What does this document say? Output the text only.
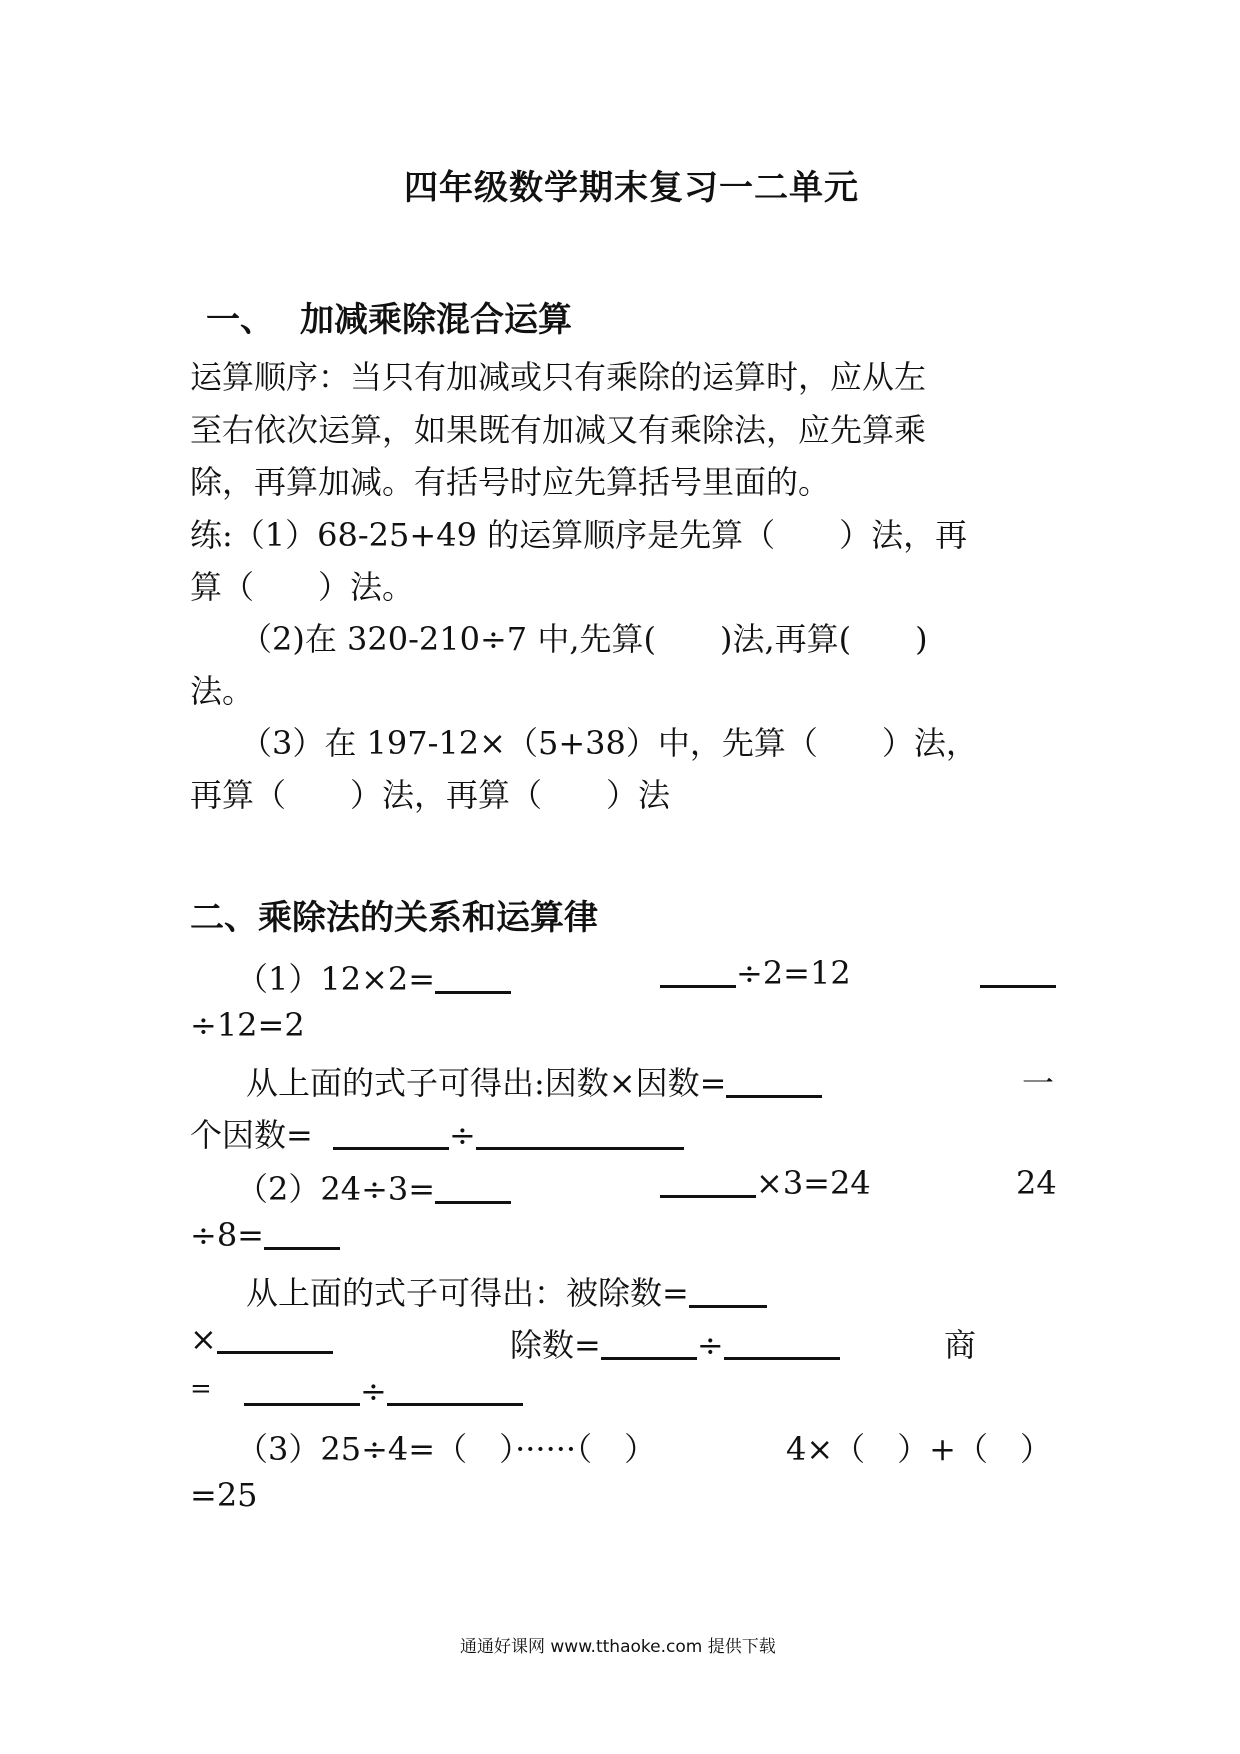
四年级数学期末复习一二单元
一、 加减乘除混合运算
运算顺序：当只有加减或只有乘除的运算时，应从左
至右依次运算，如果既有加减又有乘除法，应先算乘
除，再算加减。有括号时应先算括号里面的。
练:（1）68-25+49 的运算顺序是先算（　　）法，再
算（　　）法。
（2)在 320-210÷7 中,先算(　　)法,再算(　　)
法。
（3）在 197-12×（5+38）中，先算（　　）法，
再算（　　）法，再算（　　）法
二、乘除法的关系和运算律
（1）12×2=	÷2=12
÷12=2
从上面的式子可得出:因数×因数=	一
个因数=	÷
（2）24÷3=	×3=24	24
÷8=
从上面的式子可得出：被除数=
×	除数=	÷	商
=	÷
（3）25÷4=（　）······（　）	4×（　）+（　）
=25
通通好课网 www.tthaoke.com 提供下载
